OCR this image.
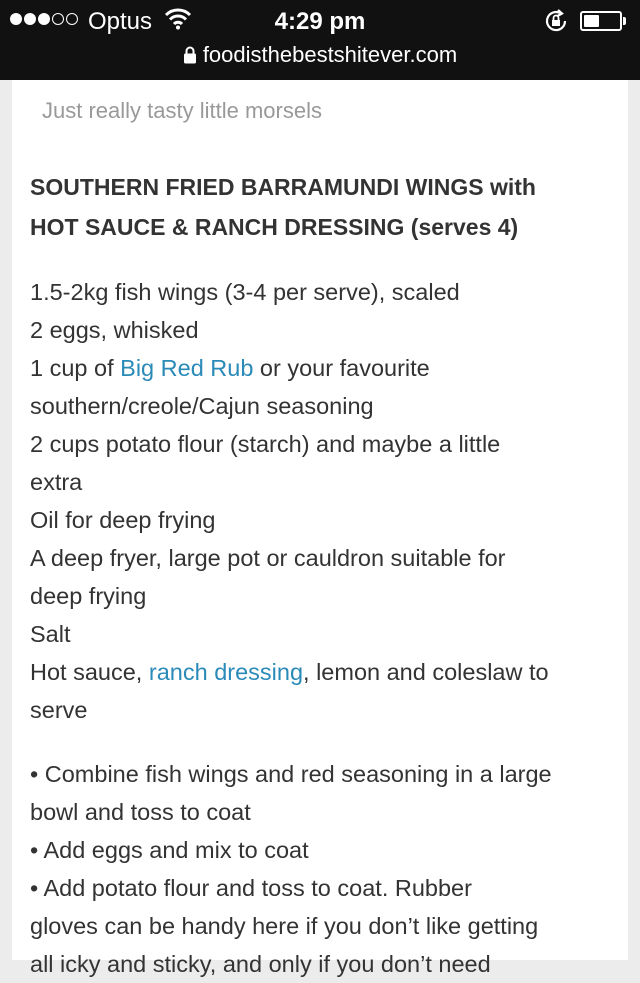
Optus	4:29 pm
foodisthebestshitever.com
Just really tasty little morsels
SOUTHERN FRIED BARRAMUNDI WINGS with
HOT SAUCE & RANCH DRESSING (serves 4)
1.5-2kg fish wings (3-4 per serve), scaled
2 eggs, whisked
1 cup of Big Red Rub or your favourite
southern/creole/Cajun seasoning
2 cups potato flour (starch) and maybe a little
extra
Oil for deep frying
A deep fryer, large pot or cauldron suitable for
deep frying
Salt
Hot sauce, ranch dressing, lemon and coleslaw to
serve
• Combine fish wings and red seasoning in a large
bowl and toss to coat
• Add eggs and mix to coat
• Add potato flour and toss to coat. Rubber
gloves can be handy here if you don’t like getting
all icky and sticky, and only if you don’t need
